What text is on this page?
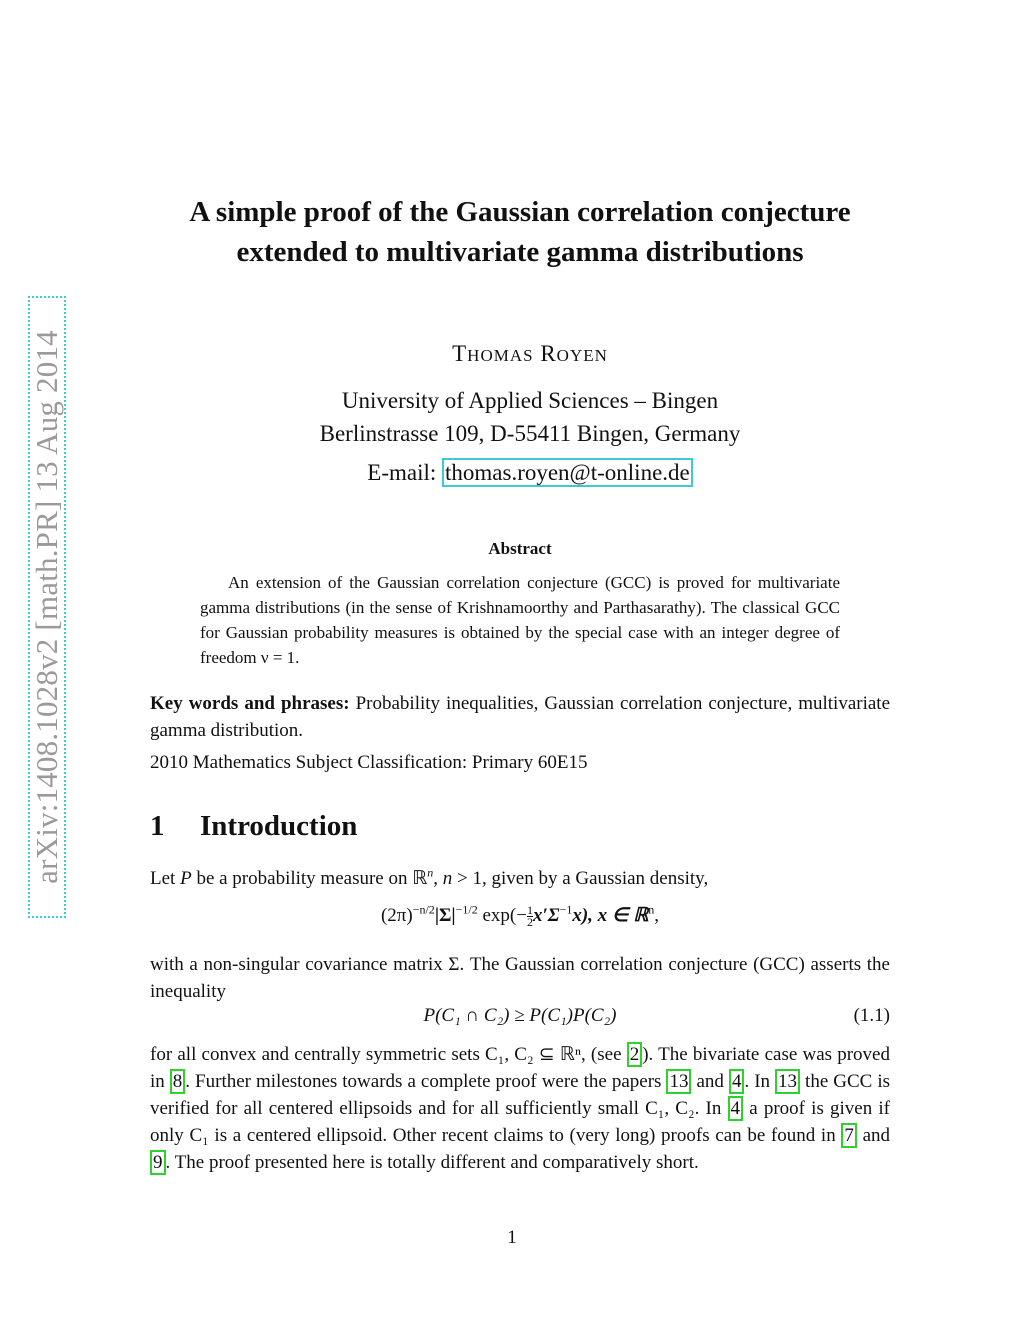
arXiv:1408.1028v2 [math.PR] 13 Aug 2014
A simple proof of the Gaussian correlation conjecture extended to multivariate gamma distributions
THOMAS ROYEN
University of Applied Sciences – Bingen
Berlinstrasse 109, D-55411 Bingen, Germany
E-mail: thomas.royen@t-online.de
Abstract

An extension of the Gaussian correlation conjecture (GCC) is proved for multivariate gamma distributions (in the sense of Krishnamoorthy and Parthasarathy). The classical GCC for Gaussian probability measures is obtained by the special case with an integer degree of freedom ν = 1.

Key words and phrases: Probability inequalities, Gaussian correlation conjecture, multivariate gamma distribution.

2010 Mathematics Subject Classification: Primary 60E15

1 Introduction

Let P be a probability measure on ℝ$^n$, n > 1, given by a Gaussian density,

$(2\pi)^{-n/2}|\Sigma|^{-1/2}$ $\exp(- \frac{1}{2} x'\Sigma^{-1}x)$, x ∈ ℝ$^n$,

with a non-singular covariance matrix Σ. The Gaussian correlation conjecture (GCC) asserts the inequality

P(C₁ ∩ C₂) ≥ P(C₁)P(C₂)	(1.1)

for all convex and centrally symmetric sets C₁, C₂ ⊆ ℝⁿ, (see 2 ). The bivariate case was proved in 8 . Further milestones towards a complete proof were the papers 13 and 4 . In 13 the GCC is verified for all centered ellipsoids and for all sufficiently small C₁, C₂. In 4 a proof is given if only C₁ is a centered ellipsoid. Other recent claims to (very long) proofs can be found in 7 and 9 . The proof presented here is totally different and comparatively short.

1
